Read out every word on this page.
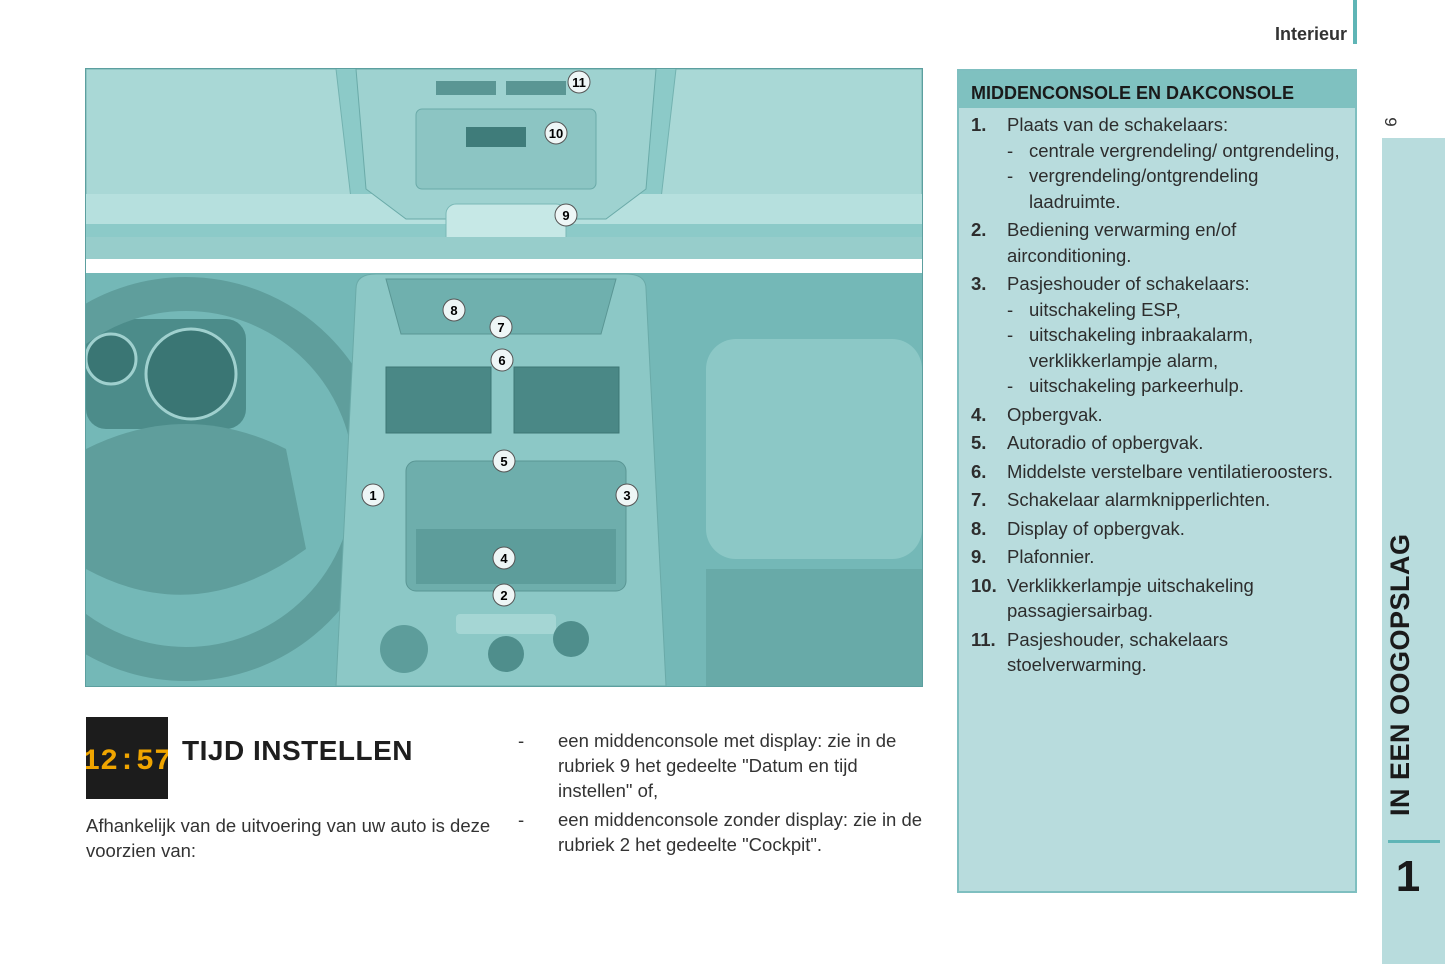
Interieur
9
IN EEN OOGOPSLAG
1
11
10
9
8
7
6
5
1	3
4
2
MIDDENCONSOLE EN DAKCONSOLE
1.	Plaats van de schakelaars:
- centrale vergrendeling/ ontgrendeling,
- vergrendeling/ontgrendeling laadruimte.
2.	Bediening verwarming en/of airconditioning.
3.	Pasjeshouder of schakelaars:
- uitschakeling ESP,
- uitschakeling inbraakalarm, verklikkerlampje alarm,
- uitschakeling parkeerhulp.
4.	Opbergvak.
5.	Autoradio of opbergvak.
6.	Middelste verstelbare ventilatieroosters.
7.	Schakelaar alarmknipperlichten.
8.	Display of opbergvak.
9.	Plafonnier.
10. Verklikkerlampje uitschakeling passagiersairbag.
11. Pasjeshouder, schakelaars stoelverwarming.
12:57 TIJD INSTELLEN
Afhankelijk van de uitvoering van uw auto is deze voorzien van:
-	een middenconsole met display: zie in de rubriek 9 het gedeelte "Datum en tijd instellen" of,
-	een middenconsole zonder display: zie in de rubriek 2 het gedeelte "Cockpit".
